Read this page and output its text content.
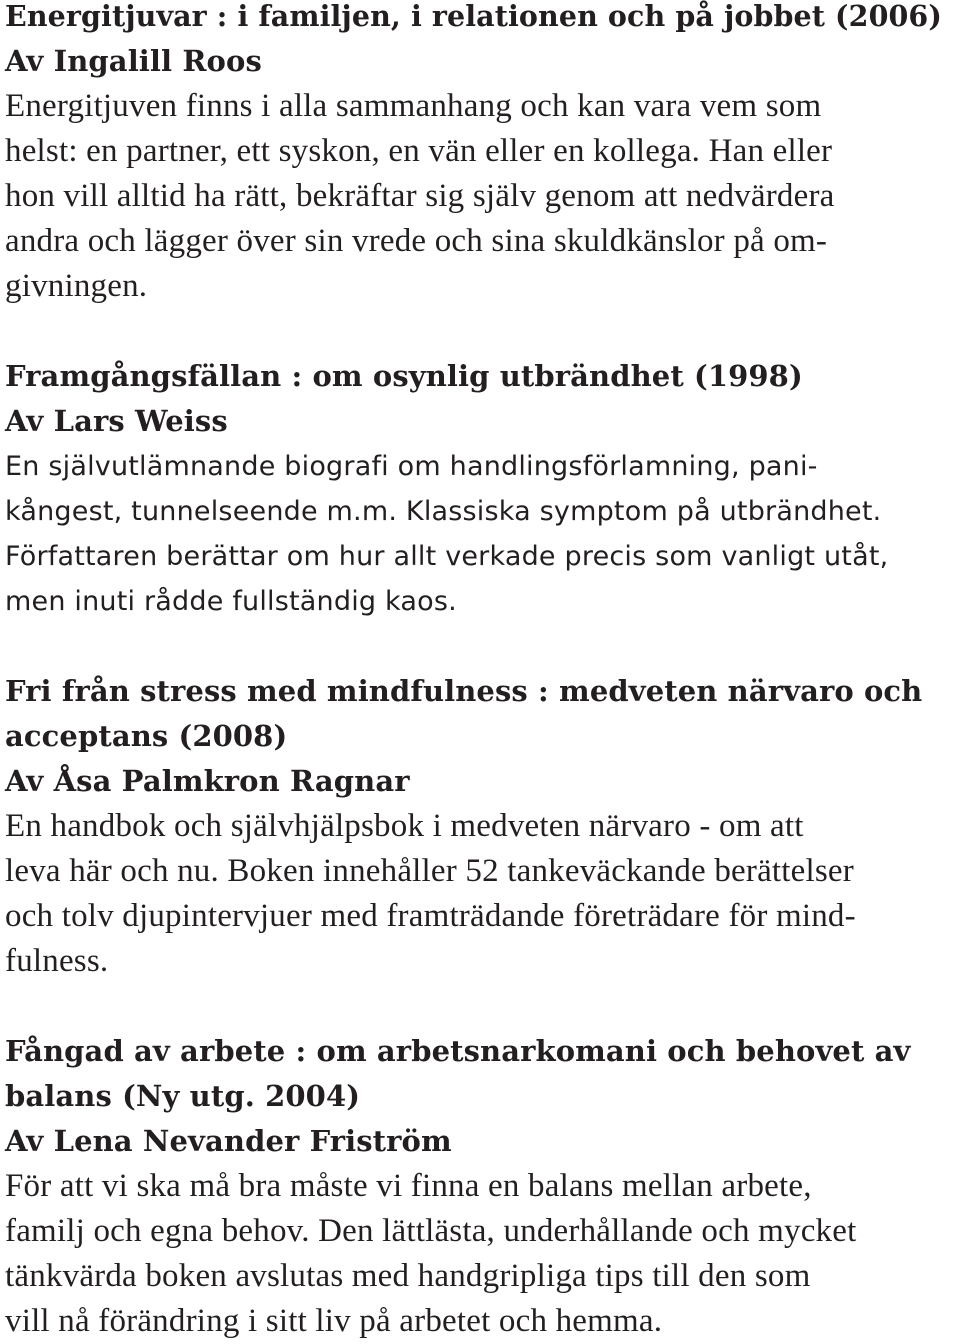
Energitjuvar : i familjen, i relationen och på jobbet (2006)
Av Ingalill Roos
Energitjuven finns i alla sammanhang och kan vara vem som
helst: en partner, ett syskon, en vän eller en kollega. Han eller
hon vill alltid ha rätt, bekräftar sig själv genom att nedvärdera
andra och lägger över sin vrede och sina skuldkänslor på om-
givningen.
Framgångsfällan : om osynlig utbrändhet (1998)
Av Lars Weiss
En självutlämnande biografi om handlingsförlamning, pani-
kångest, tunnelseende m.m. Klassiska symptom på utbrändhet.
Författaren berättar om hur allt verkade precis som vanligt utåt,
men inuti rådde fullständig kaos.
Fri från stress med mindfulness : medveten närvaro och
acceptans (2008)
Av Åsa Palmkron Ragnar
En handbok och självhjälpsbok i medveten närvaro - om att
leva här och nu. Boken innehåller 52 tankeväckande berättelser
och tolv djupintervjuer med framträdande företrädare för mind-
fulness.
Fångad av arbete : om arbetsnarkomani och behovet av
balans (Ny utg. 2004)
Av Lena Nevander Friström
För att vi ska må bra måste vi finna en balans mellan arbete,
familj och egna behov. Den lättlästa, underhållande och mycket
tänkvärda boken avslutas med handgripliga tips till den som
vill nå förändring i sitt liv på arbetet och hemma.
